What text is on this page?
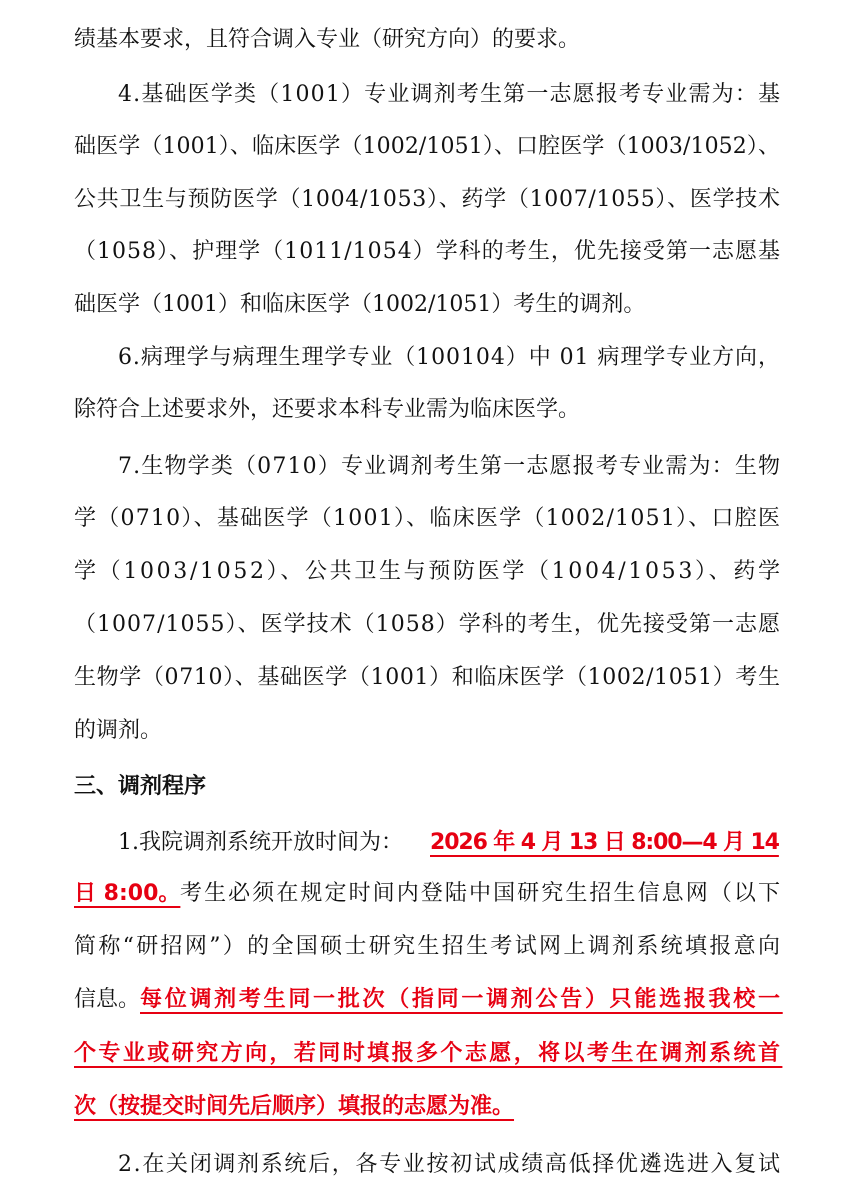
绩基本要求，且符合调入专业（研究方向）的要求。
4.基础医学类（1001）专业调剂考生第一志愿报考专业需为：基
础医学（1001）、临床医学（1002/1051）、口腔医学（1003/1052）、
公共卫生与预防医学（1004/1053）、药学（1007/1055）、医学技术
（1058）、护理学（1011/1054）学科的考生，优先接受第一志愿基
础医学（1001）和临床医学（1002/1051）考生的调剂。
6.病理学与病理生理学专业（100104）中 01 病理学专业方向，
除符合上述要求外，还要求本科专业需为临床医学。
7.生物学类（0710）专业调剂考生第一志愿报考专业需为：生物
学（0710）、基础医学（1001）、临床医学（1002/1051）、口腔医
学（1003/1052）、公共卫生与预防医学（1004/1053）、药学
（1007/1055）、医学技术（1058）学科的考生，优先接受第一志愿
生物学（0710）、基础医学（1001）和临床医学（1002/1051）考生
的调剂。
三、调剂程序
1.我院调剂系统开放时间为： 2026 年 4 月 13 日 8:00—4 月 14
日 8:00。 考生必须在规定时间内登陆中国研究生招生信息网（以下
简称“研招网”）的全国硕士研究生招生考试网上调剂系统填报意向
信息。 每位调剂考生同一批次（指同一调剂公告）只能选报我校一
个专业或研究方向，若同时填报多个志愿，将以考生在调剂系统首
次（按提交时间先后顺序）填报的志愿为准。
2.在关闭调剂系统后，各专业按初试成绩高低择优遴选进入复试
